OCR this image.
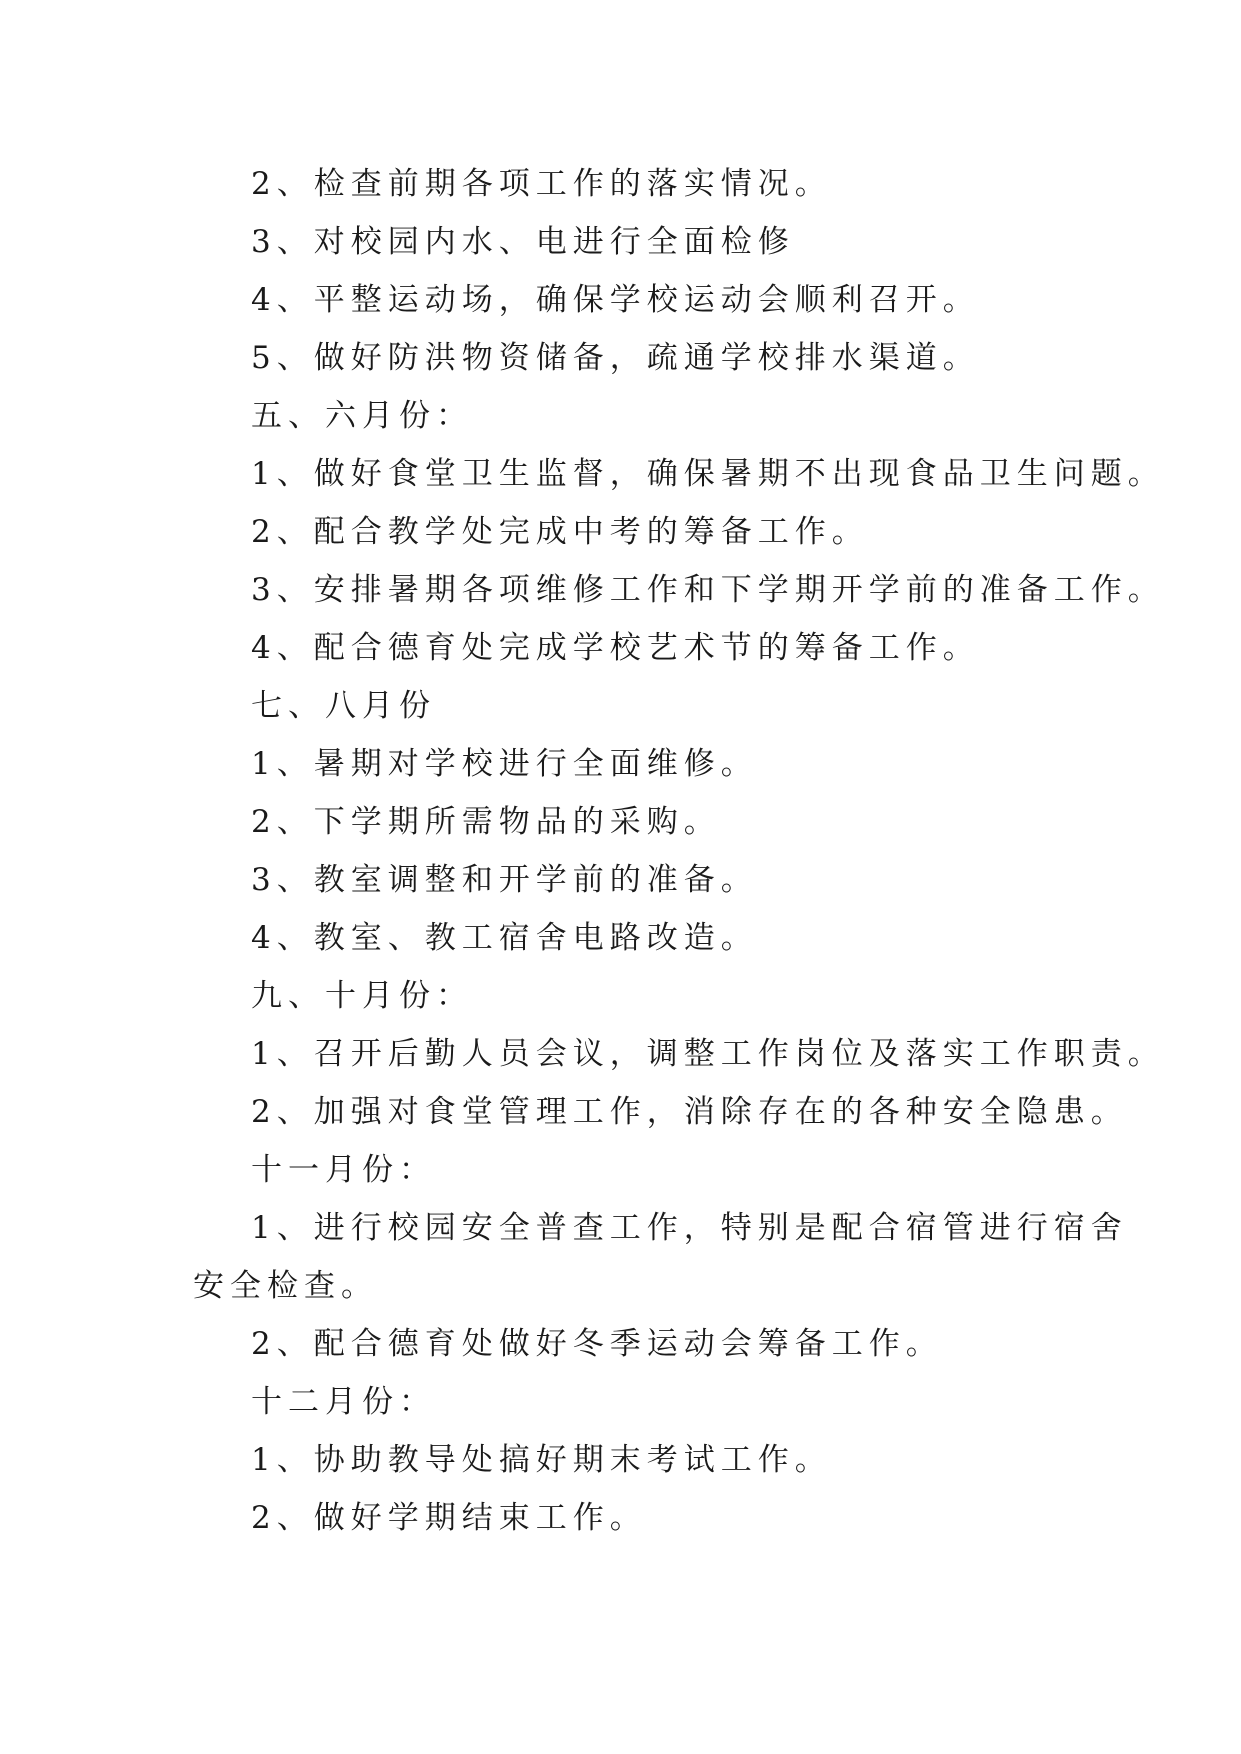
2、检查前期各项工作的落实情况。
3、对校园内水、电进行全面检修
4、平整运动场，确保学校运动会顺利召开。
5、做好防洪物资储备，疏通学校排水渠道。
五、六月份：
1、做好食堂卫生监督，确保暑期不出现食品卫生问题。
2、配合教学处完成中考的筹备工作。
3、安排暑期各项维修工作和下学期开学前的准备工作。
4、配合德育处完成学校艺术节的筹备工作。
七、八月份
1、暑期对学校进行全面维修。
2、下学期所需物品的采购。
3、教室调整和开学前的准备。
4、教室、教工宿舍电路改造。
九、十月份：
1、召开后勤人员会议，调整工作岗位及落实工作职责。
2、加强对食堂管理工作，消除存在的各种安全隐患。
十一月份：
1、进行校园安全普查工作，特别是配合宿管进行宿舍
安全检查。
2、配合德育处做好冬季运动会筹备工作。
十二月份：
1、协助教导处搞好期末考试工作。
2、做好学期结束工作。
